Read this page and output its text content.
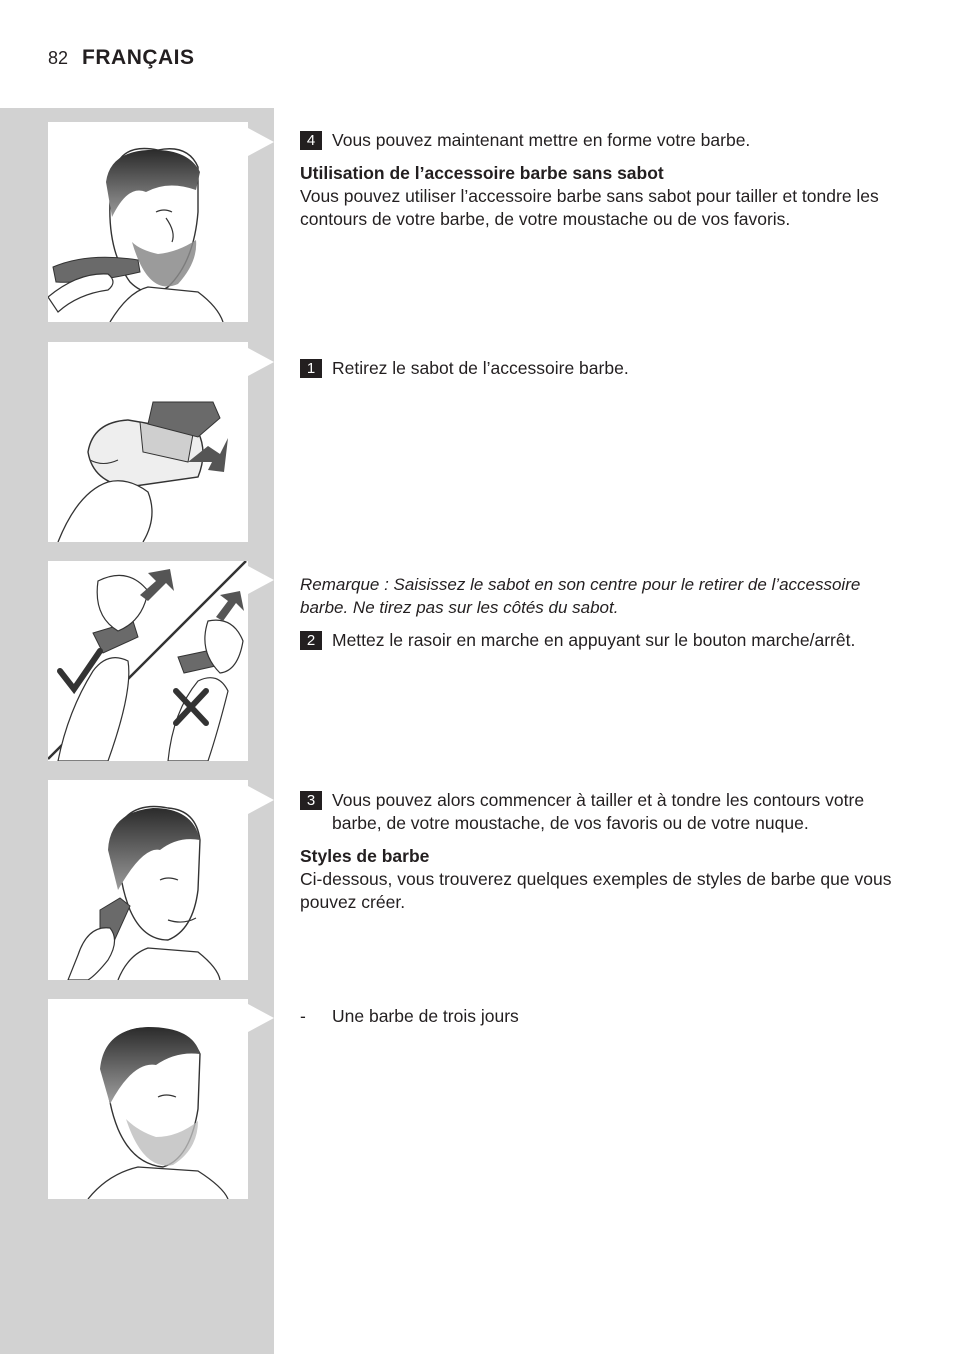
82 FRANÇAIS
4 Vous pouvez maintenant mettre en forme votre barbe.
Utilisation de l’accessoire barbe sans sabot
Vous pouvez utiliser l’accessoire barbe sans sabot pour tailler et tondre les contours de votre barbe, de votre moustache ou de vos favoris.
1 Retirez le sabot de l’accessoire barbe.
Remarque : Saisissez le sabot en son centre pour le retirer de l’accessoire barbe. Ne tirez pas sur les côtés du sabot.
2 Mettez le rasoir en marche en appuyant sur le bouton marche/arrêt.
3 Vous pouvez alors commencer à tailler et à tondre les contours votre barbe, de votre moustache, de vos favoris ou de votre nuque.
Styles de barbe
Ci-dessous, vous trouverez quelques exemples de styles de barbe que vous pouvez créer.
-	Une barbe de trois jours
